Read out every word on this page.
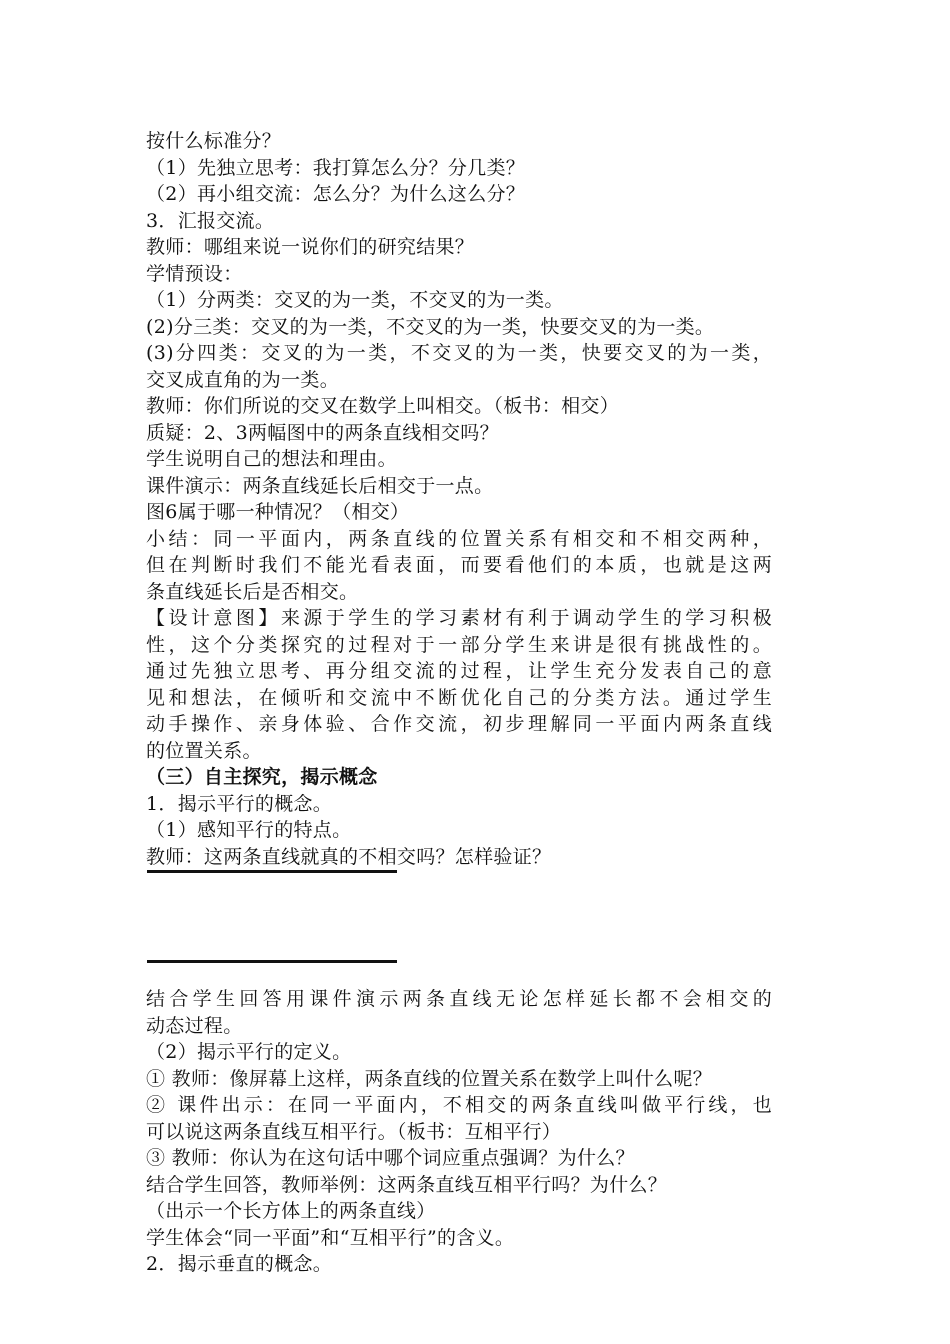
按什么标准分？
（1）先独立思考：我打算怎么分？分几类？
（2）再小组交流：怎么分？为什么这么分？
3．汇报交流。
教师：哪组来说一说你们的研究结果？
学情预设：
（1）分两类：交叉的为一类，不交叉的为一类。
(2)分三类：交叉的为一类，不交叉的为一类，快要交叉的为一类。
(3)分四类：交叉的为一类，不交叉的为一类，快要交叉的为一类，
交叉成直角的为一类。
教师：你们所说的交叉在数学上叫相交。（板书：相交）
质疑：2、3两幅图中的两条直线相交吗？
学生说明自己的想法和理由。
课件演示：两条直线延长后相交于一点。
图6属于哪一种情况？（相交）
小结：同一平面内，两条直线的位置关系有相交和不相交两种，
但在判断时我们不能光看表面，而要看他们的本质，也就是这两
条直线延长后是否相交。
【设计意图】来源于学生的学习素材有利于调动学生的学习积极
性，这个分类探究的过程对于一部分学生来讲是很有挑战性的。
通过先独立思考、再分组交流的过程，让学生充分发表自己的意
见和想法，在倾听和交流中不断优化自己的分类方法。通过学生
动手操作、亲身体验、合作交流，初步理解同一平面内两条直线
的位置关系。
（三）自主探究，揭示概念
1．揭示平行的概念。
（1）感知平行的特点。
教师：这两条直线就真的不相交吗？怎样验证？
结合学生回答用课件演示两条直线无论怎样延长都不会相交的
动态过程。
（2）揭示平行的定义。
① 教师：像屏幕上这样，两条直线的位置关系在数学上叫什么呢？
② 课件出示：在同一平面内，不相交的两条直线叫做平行线，也
可以说这两条直线互相平行。（板书：互相平行）
③ 教师：你认为在这句话中哪个词应重点强调？为什么？
结合学生回答，教师举例：这两条直线互相平行吗？为什么？
（出示一个长方体上的两条直线）
学生体会“同一平面”和“互相平行”的含义。
2．揭示垂直的概念。
